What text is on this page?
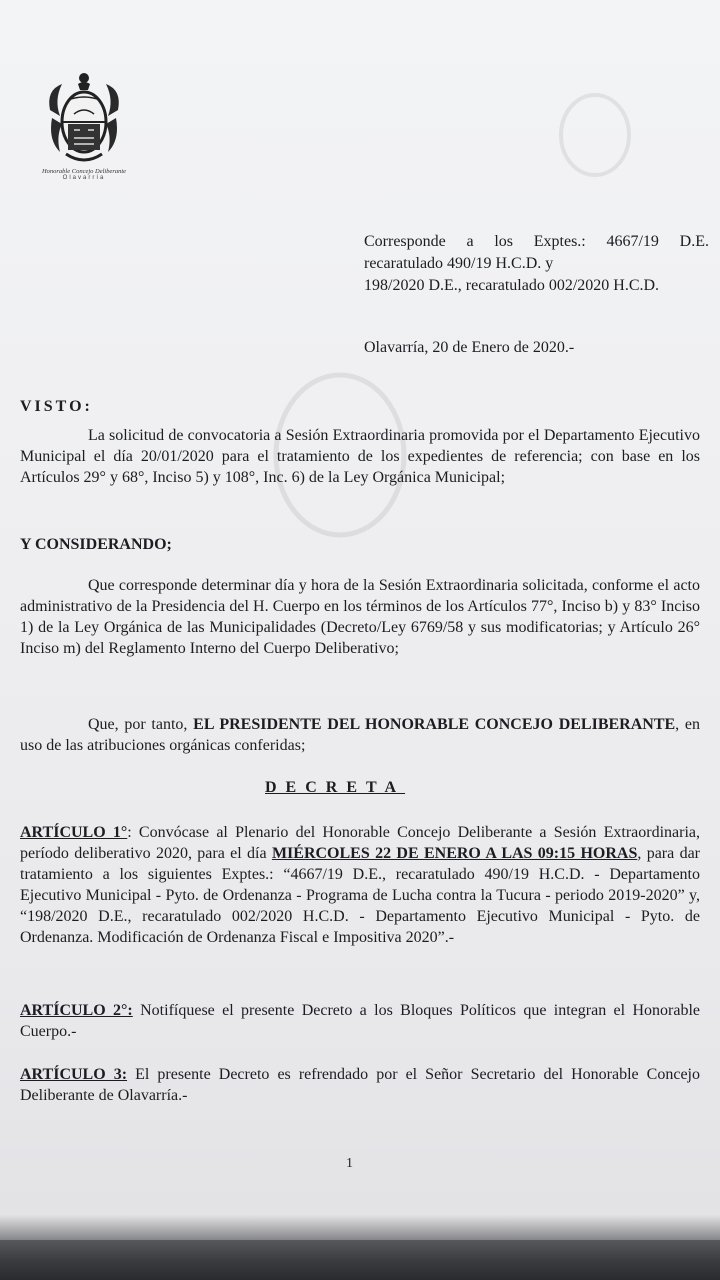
Honorable Concejo Deliberante
Olavarría
Corresponde a los Exptes.: 4667/19 D.E.
recaratulado 490/19 H.C.D. y
198/2020 D.E., recaratulado 002/2020 H.C.D.
Olavarría, 20 de Enero de 2020.-
VISTO:
La solicitud de convocatoria a Sesión Extraordinaria promovida por el Departamento Ejecutivo Municipal el día 20/01/2020 para el tratamiento de los expedientes de referencia; con base en los Artículos 29° y 68°, Inciso 5) y 108°, Inc. 6) de la Ley Orgánica Municipal;
Y CONSIDERANDO;
Que corresponde determinar día y hora de la Sesión Extraordinaria solicitada, conforme el acto administrativo de la Presidencia del H. Cuerpo en los términos de los Artículos 77°, Inciso b) y 83° Inciso 1) de la Ley Orgánica de las Municipalidades (Decreto/Ley 6769/58 y sus modificatorias; y Artículo 26° Inciso m) del Reglamento Interno del Cuerpo Deliberativo;
Que, por tanto, EL PRESIDENTE DEL HONORABLE CONCEJO DELIBERANTE, en uso de las atribuciones orgánicas conferidas;
DECRETA
ARTÍCULO 1°: Convócase al Plenario del Honorable Concejo Deliberante a Sesión Extraordinaria, período deliberativo 2020, para el día MIÉRCOLES 22 DE ENERO A LAS 09:15 HORAS, para dar tratamiento a los siguientes Exptes.: “4667/19 D.E., recaratulado 490/19 H.C.D. - Departamento Ejecutivo Municipal - Pyto. de Ordenanza - Programa de Lucha contra la Tucura - periodo 2019-2020” y, “198/2020 D.E., recaratulado 002/2020 H.C.D. - Departamento Ejecutivo Municipal - Pyto. de Ordenanza. Modificación de Ordenanza Fiscal e Impositiva 2020”.-
ARTÍCULO 2°: Notifíquese el presente Decreto a los Bloques Políticos que integran el Honorable Cuerpo.-
ARTÍCULO 3: El presente Decreto es refrendado por el Señor Secretario del Honorable Concejo Deliberante de Olavarría.-
1
